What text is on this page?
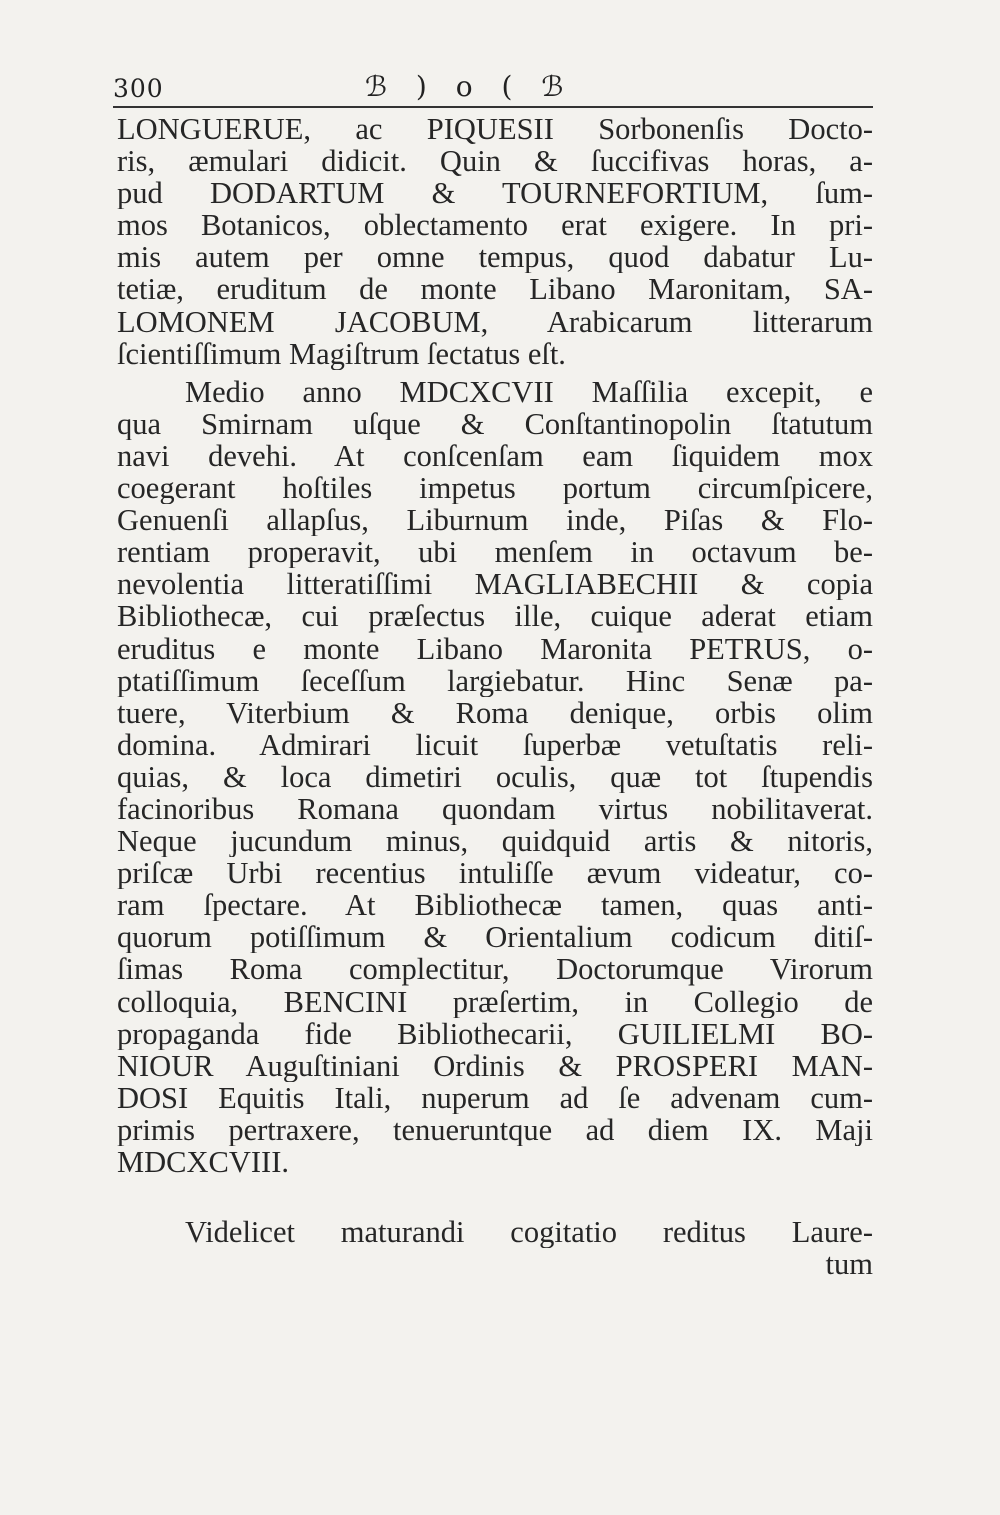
300	ℬ ) o ( ℬ
LONGUERUE, ac PIQUESII Sorbonenſis Docto-
ris, æmulari didicit. Quin & ſuccifivas horas, a-
pud DODARTUM & TOURNEFORTIUM, ſum-
mos Botanicos, oblectamento erat exigere. In pri-
mis autem per omne tempus, quod dabatur Lu-
tetiæ, eruditum de monte Libano Maronitam, SA-
LOMONEM JACOBUM, Arabicarum litterarum
ſcientiſſimum Magiſtrum ſectatus eſt.
Medio anno MDCXCVII Maſſilia excepit, e
qua Smirnam uſque & Conſtantinopolin ſtatutum
navi devehi. At conſcenſam eam ſiquidem mox
coegerant hoſtiles impetus portum circumſpicere,
Genuenſi allapſus, Liburnum inde, Piſas & Flo-
rentiam properavit, ubi menſem in octavum be-
nevolentia litteratiſſimi MAGLIABECHII & copia
Bibliothecæ, cui præſectus ille, cuique aderat etiam
eruditus e monte Libano Maronita PETRUS, o-
ptatiſſimum ſeceſſum largiebatur. Hinc Senæ pa-
tuere, Viterbium & Roma denique, orbis olim
domina. Admirari licuit ſuperbæ vetuſtatis reli-
quias, & loca dimetiri oculis, quæ tot ſtupendis
facinoribus Romana quondam virtus nobilitaverat.
Neque jucundum minus, quidquid artis & nitoris,
priſcæ Urbi recentius intuliſſe ævum videatur, co-
ram ſpectare. At Bibliothecæ tamen, quas anti-
quorum potiſſimum & Orientalium codicum ditiſ-
ſimas Roma complectitur, Doctorumque Virorum
colloquia, BENCINI præſertim, in Collegio de
propaganda fide Bibliothecarii, GUILIELMI BO-
NIOUR Auguſtiniani Ordinis & PROSPERI MAN-
DOSI Equitis Itali, nuperum ad ſe advenam cum-
primis pertraxere, tenueruntque ad diem IX. Maji
MDCXCVIII.
Videlicet maturandi cogitatio reditus Laure-
tum
